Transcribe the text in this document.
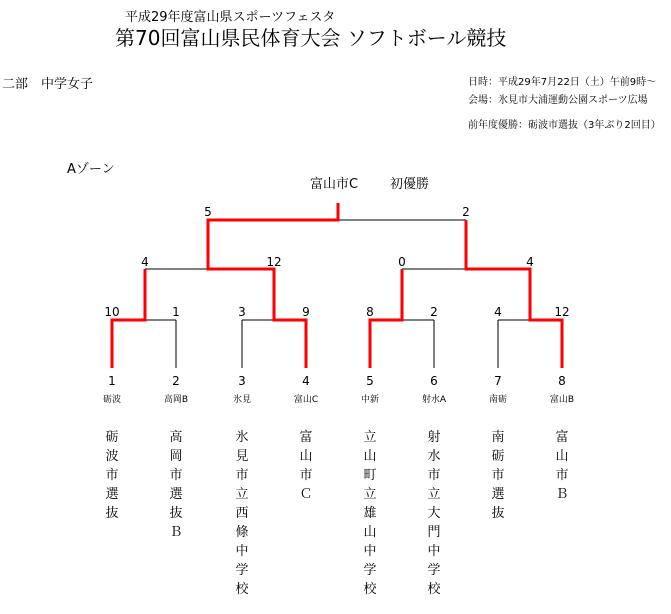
平成29年度富山県スポーツフェスタ
第70回富山県民体育大会 ソフトボール競技
二部　中学女子	日時：平成29年7月22日（土）午前9時～
会場：氷見市大浦運動公園スポーツ広場
前年度優勝：砺波市選抜（3年ぶり2回目）
Aゾーン
富山市C 初優勝
5	2
4	12	0	4
10	1	3	9	8	2	4	12
1	2	3	4	5	6	7	8
砺波	高岡B	氷見	富山C	中新	射水A	南砺	富山B
砺波市選抜
高岡市選抜Ｂ
氷見市立西條中学校
富山市Ｃ
立山町立雄山中学校
射水市立大門中学校
南砺市選抜
富山市Ｂ
